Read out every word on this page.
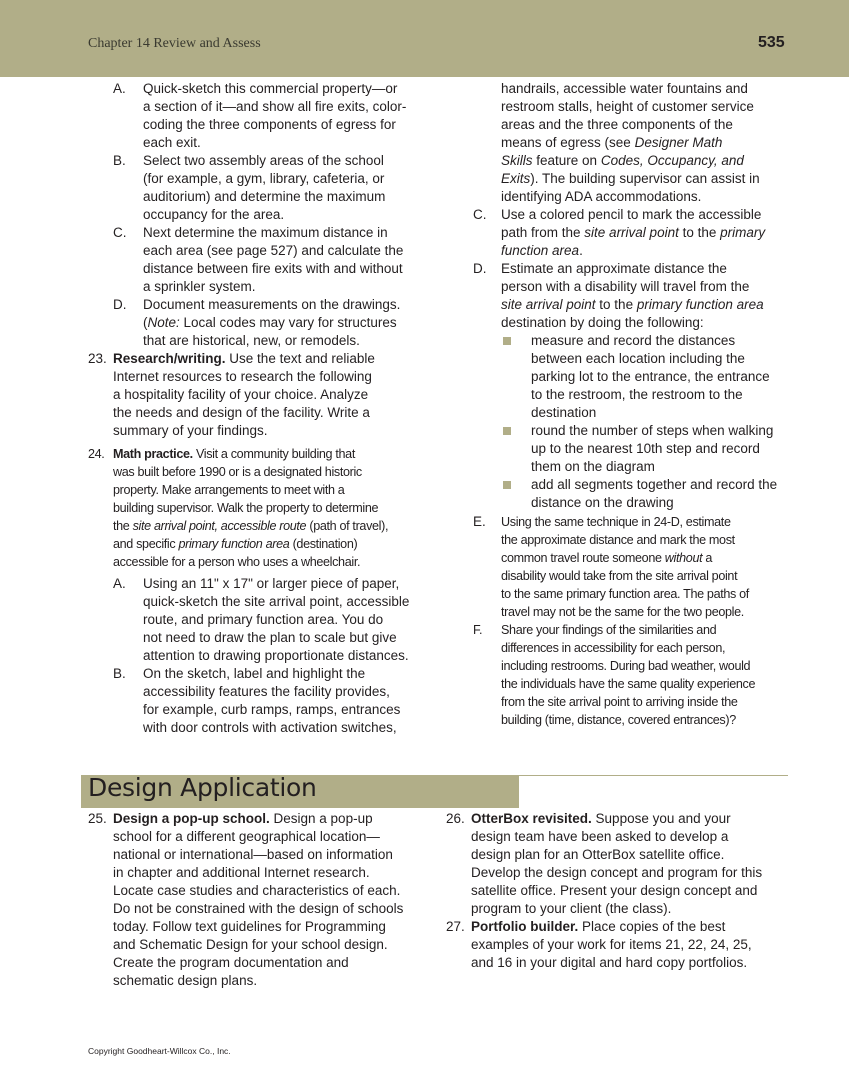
Chapter 14 Review and Assess	535
A. Quick-sketch this commercial property—or
a section of it—and show all fire exits, color-
coding the three components of egress for
each exit.
B. Select two assembly areas of the school
(for example, a gym, library, cafeteria, or
auditorium) and determine the maximum
occupancy for the area.
C. Next determine the maximum distance in
each area (see page 527) and calculate the
distance between fire exits with and without
a sprinkler system.
D. Document measurements on the drawings.
(Note: Local codes may vary for structures
that are historical, new, or remodels.
23. Research/writing. Use the text and reliable
Internet resources to research the following
a hospitality facility of your choice. Analyze
the needs and design of the facility. Write a
summary of your findings.
24. Math practice. Visit a community building that
was built before 1990 or is a designated historic
property. Make arrangements to meet with a
building supervisor. Walk the property to determine
the site arrival point, accessible route (path of travel),
and specific primary function area (destination)
accessible for a person who uses a wheelchair.
A. Using an 11" x 17" or larger piece of paper,
quick-sketch the site arrival point, accessible
route, and primary function area. You do
not need to draw the plan to scale but give
attention to drawing proportionate distances.
B. On the sketch, label and highlight the
accessibility features the facility provides,
for example, curb ramps, ramps, entrances
with door controls with activation switches,
handrails, accessible water fountains and
restroom stalls, height of customer service
areas and the three components of the
means of egress (see Designer Math
Skills feature on Codes, Occupancy, and
Exits). The building supervisor can assist in
identifying ADA accommodations.
C. Use a colored pencil to mark the accessible
path from the site arrival point to the primary
function area.
D. Estimate an approximate distance the
person with a disability will travel from the
site arrival point to the primary function area
destination by doing the following:
measure and record the distances
between each location including the
parking lot to the entrance, the entrance
to the restroom, the restroom to the
destination
round the number of steps when walking
up to the nearest 10th step and record
them on the diagram
add all segments together and record the
distance on the drawing
E. Using the same technique in 24-D, estimate
the approximate distance and mark the most
common travel route someone without a
disability would take from the site arrival point
to the same primary function area. The paths of
travel may not be the same for the two people.
F. Share your findings of the similarities and
differences in accessibility for each person,
including restrooms. During bad weather, would
the individuals have the same quality experience
from the site arrival point to arriving inside the
building (time, distance, covered entrances)?
Design Application
25. Design a pop-up school. Design a pop-up
school for a different geographical location—
national or international—based on information
in chapter and additional Internet research.
Locate case studies and characteristics of each.
Do not be constrained with the design of schools
today. Follow text guidelines for Programming
and Schematic Design for your school design.
Create the program documentation and
schematic design plans.
26. OtterBox revisited. Suppose you and your
design team have been asked to develop a
design plan for an OtterBox satellite office.
Develop the design concept and program for this
satellite office. Present your design concept and
program to your client (the class).
27. Portfolio builder. Place copies of the best
examples of your work for items 21, 22, 24, 25,
and 16 in your digital and hard copy portfolios.
Copyright Goodheart-Willcox Co., Inc.
